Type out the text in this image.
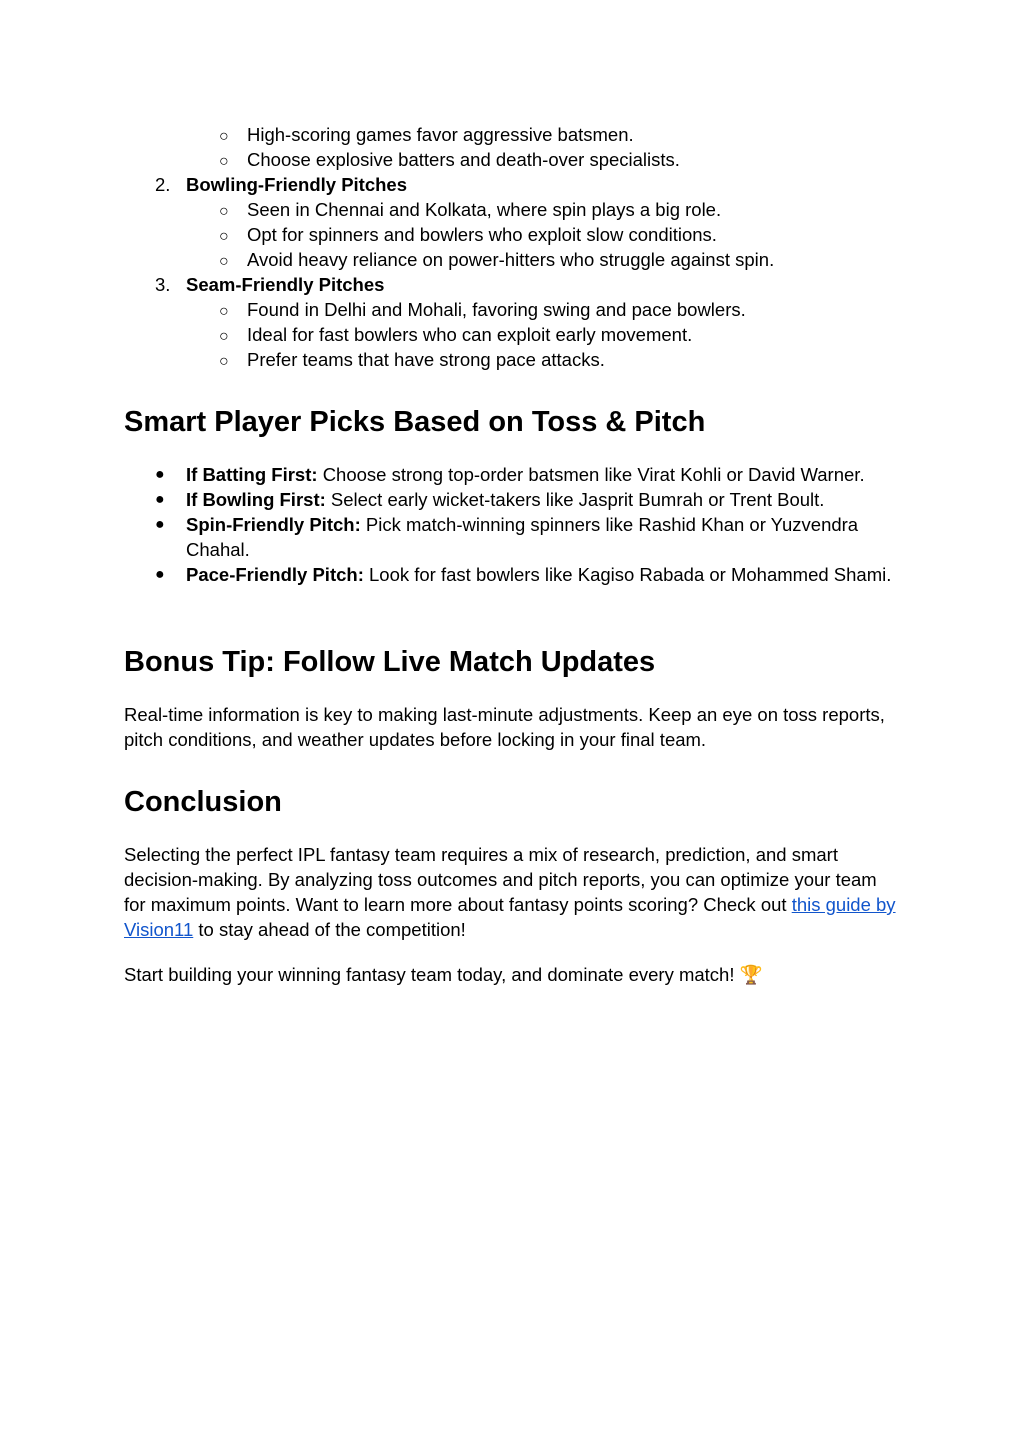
○ High-scoring games favor aggressive batsmen.
○ Choose explosive batters and death-over specialists.
2. Bowling-Friendly Pitches
○ Seen in Chennai and Kolkata, where spin plays a big role.
○ Opt for spinners and bowlers who exploit slow conditions.
○ Avoid heavy reliance on power-hitters who struggle against spin.
3. Seam-Friendly Pitches
○ Found in Delhi and Mohali, favoring swing and pace bowlers.
○ Ideal for fast bowlers who can exploit early movement.
○ Prefer teams that have strong pace attacks.
Smart Player Picks Based on Toss & Pitch
●	If Batting First: Choose strong top-order batsmen like Virat Kohli or David Warner.
●	If Bowling First: Select early wicket-takers like Jasprit Bumrah or Trent Boult.
●	Spin-Friendly Pitch: Pick match-winning spinners like Rashid Khan or Yuzvendra Chahal.
●	Pace-Friendly Pitch: Look for fast bowlers like Kagiso Rabada or Mohammed Shami.
Bonus Tip: Follow Live Match Updates

Real-time information is key to making last-minute adjustments. Keep an eye on toss reports, pitch conditions, and weather updates before locking in your final team.

Conclusion

Selecting the perfect IPL fantasy team requires a mix of research, prediction, and smart decision-making. By analyzing toss outcomes and pitch reports, you can optimize your team for maximum points. Want to learn more about fantasy points scoring? Check out this guide by Vision11 to stay ahead of the competition!

Start building your winning fantasy team today, and dominate every match! 🏆
